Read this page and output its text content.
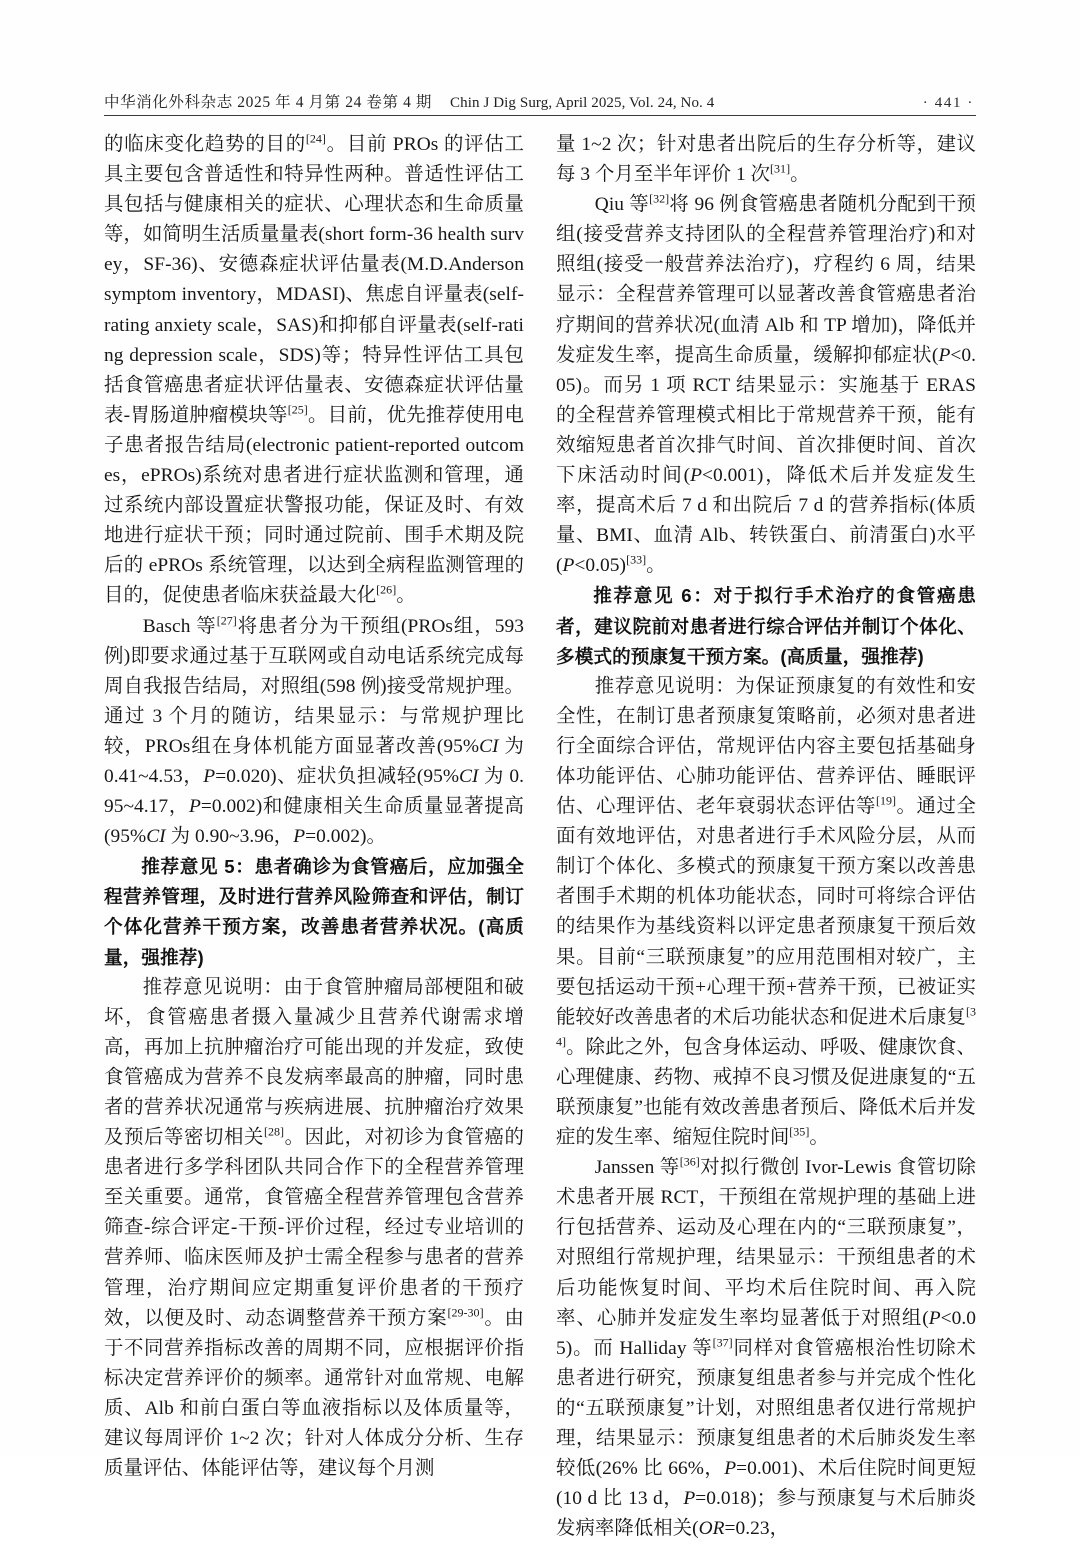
中华消化外科杂志 2025 年 4 月第 24 卷第 4 期 Chin J Dig Surg, April 2025, Vol. 24, No. 4	· 441 ·

的临床变化趋势的目的[24]。目前 PROs 的评估工具主要包含普适性和特异性两种。普适性评估工具包括与健康相关的症状、心理状态和生命质量等，如简明生活质量量表(short form-36 health survey，SF-36)、安德森症状评估量表(M.D.Anderson symptom inventory，MDASI)、焦虑自评量表(self-rating anxiety scale，SAS)和抑郁自评量表(self-rating depression scale，SDS)等；特异性评估工具包括食管癌患者症状评估量表、安德森症状评估量表-胃肠道肿瘤模块等[25]。目前，优先推荐使用电子患者报告结局(electronic patient-reported outcomes，ePROs)系统对患者进行症状监测和管理，通过系统内部设置症状警报功能，保证及时、有效地进行症状干预；同时通过院前、围手术期及院后的 ePROs 系统管理，以达到全病程监测管理的目的，促使患者临床获益最大化[26]。

Basch 等[27]将患者分为干预组(PROs组，593 例)即要求通过基于互联网或自动电话系统完成每周自我报告结局，对照组(598 例)接受常规护理。通过 3 个月的随访，结果显示：与常规护理比较，PROs组在身体机能方面显著改善(95%CI 为 0.41~4.53，P=0.020)、症状负担减轻(95%CI 为 0.95~4.17，P=0.002)和健康相关生命质量显著提高(95%CI 为 0.90~3.96，P=0.002)。

推荐意见 5：患者确诊为食管癌后，应加强全程营养管理，及时进行营养风险筛查和评估，制订个体化营养干预方案，改善患者营养状况。(高质量，强推荐)

推荐意见说明：由于食管肿瘤局部梗阻和破坏，食管癌患者摄入量减少且营养代谢需求增高，再加上抗肿瘤治疗可能出现的并发症，致使食管癌成为营养不良发病率最高的肿瘤，同时患者的营养状况通常与疾病进展、抗肿瘤治疗效果及预后等密切相关[28]。因此，对初诊为食管癌的患者进行多学科团队共同合作下的全程营养管理至关重要。通常，食管癌全程营养管理包含营养筛查-综合评定-干预-评价过程，经过专业培训的营养师、临床医师及护士需全程参与患者的营养管理，治疗期间应定期重复评价患者的干预疗效，以便及时、动态调整营养干预方案[29-30]。由于不同营养指标改善的周期不同，应根据评价指标决定营养评价的频率。通常针对血常规、电解质、Alb 和前白蛋白等血液指标以及体质量等，建议每周评价 1~2 次；针对人体成分分析、生存质量评估、体能评估等，建议每个月测

量 1~2 次；针对患者出院后的生存分析等，建议每 3 个月至半年评价 1 次[31]。

Qiu 等[32]将 96 例食管癌患者随机分配到干预组(接受营养支持团队的全程营养管理治疗)和对照组(接受一般营养法治疗)，疗程约 6 周，结果显示：全程营养管理可以显著改善食管癌患者治疗期间的营养状况(血清 Alb 和 TP 增加)，降低并发症发生率，提高生命质量，缓解抑郁症状(P<0.05)。而另 1 项 RCT 结果显示：实施基于 ERAS 的全程营养管理模式相比于常规营养干预，能有效缩短患者首次排气时间、首次排便时间、首次下床活动时间(P<0.001)，降低术后并发症发生率，提高术后 7 d 和出院后 7 d 的营养指标(体质量、BMI、血清 Alb、转铁蛋白、前清蛋白)水平(P<0.05)[33]。

推荐意见 6：对于拟行手术治疗的食管癌患者，建议院前对患者进行综合评估并制订个体化、多模式的预康复干预方案。(高质量，强推荐)

推荐意见说明：为保证预康复的有效性和安全性，在制订患者预康复策略前，必须对患者进行全面综合评估，常规评估内容主要包括基础身体功能评估、心肺功能评估、营养评估、睡眠评估、心理评估、老年衰弱状态评估等[19]。通过全面有效地评估，对患者进行手术风险分层，从而制订个体化、多模式的预康复干预方案以改善患者围手术期的机体功能状态，同时可将综合评估的结果作为基线资料以评定患者预康复干预后效果。目前“三联预康复”的应用范围相对较广，主要包括运动干预+心理干预+营养干预，已被证实能较好改善患者的术后功能状态和促进术后康复[34]。除此之外，包含身体运动、呼吸、健康饮食、心理健康、药物、戒掉不良习惯及促进康复的“五联预康复”也能有效改善患者预后、降低术后并发症的发生率、缩短住院时间[35]。

Janssen 等[36]对拟行微创 Ivor-Lewis 食管切除术患者开展 RCT，干预组在常规护理的基础上进行包括营养、运动及心理在内的“三联预康复”，对照组行常规护理，结果显示：干预组患者的术后功能恢复时间、平均术后住院时间、再入院率、心肺并发症发生率均显著低于对照组(P<0.05)。而 Halliday 等[37]同样对食管癌根治性切除术患者进行研究，预康复组患者参与并完成个性化的“五联预康复”计划，对照组患者仅进行常规护理，结果显示：预康复组患者的术后肺炎发生率较低(26% 比 66%，P=0.001)、术后住院时间更短(10 d 比 13 d，P=0.018)；参与预康复与术后肺炎发病率降低相关(OR=0.23，
